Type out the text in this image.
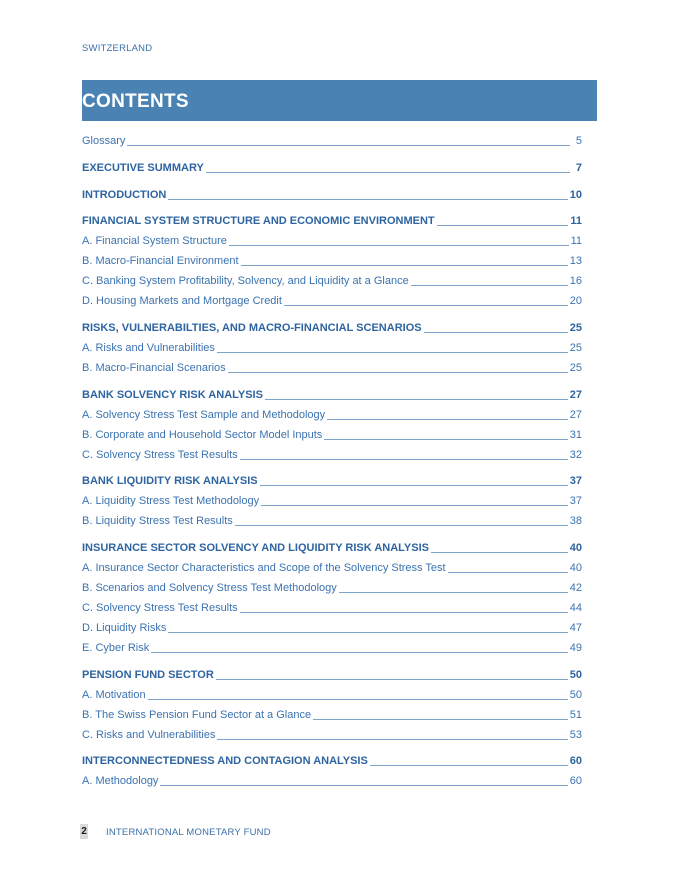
SWITZERLAND
CONTENTS
Glossary	5
EXECUTIVE SUMMARY	7
INTRODUCTION	10
FINANCIAL SYSTEM STRUCTURE AND ECONOMIC ENVIRONMENT	11
A. Financial System Structure	11
B. Macro-Financial Environment	13
C. Banking System Profitability, Solvency, and Liquidity at a Glance	16
D. Housing Markets and Mortgage Credit	20
RISKS, VULNERABILTIES, AND MACRO-FINANCIAL SCENARIOS	25
A. Risks and Vulnerabilities	25
B. Macro-Financial Scenarios	25
BANK SOLVENCY RISK ANALYSIS	27
A. Solvency Stress Test Sample and Methodology	27
B. Corporate and Household Sector Model Inputs	31
C. Solvency Stress Test Results	32
BANK LIQUIDITY RISK ANALYSIS	37
A. Liquidity Stress Test Methodology	37
B. Liquidity Stress Test Results	38
INSURANCE SECTOR SOLVENCY AND LIQUIDITY RISK ANALYSIS	40
A. Insurance Sector Characteristics and Scope of the Solvency Stress Test	40
B. Scenarios and Solvency Stress Test Methodology	42
C. Solvency Stress Test Results	44
D. Liquidity Risks	47
E. Cyber Risk	49
PENSION FUND SECTOR	50
A. Motivation	50
B. The Swiss Pension Fund Sector at a Glance	51
C. Risks and Vulnerabilities	53
INTERCONNECTEDNESS AND CONTAGION ANALYSIS	60
A. Methodology	60
2 INTERNATIONAL MONETARY FUND
